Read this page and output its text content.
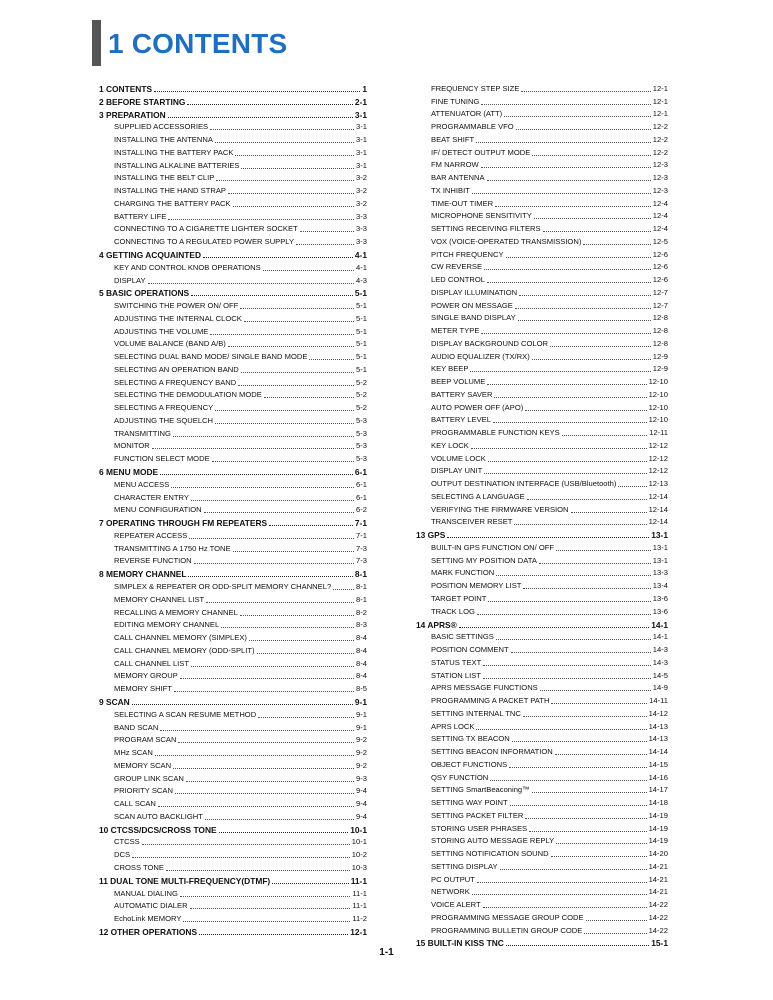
1 CONTENTS
1 CONTENTS	1
2 BEFORE STARTING	2-1
3 PREPARATION	3-1
SUPPLIED ACCESSORIES	3-1
INSTALLING THE ANTENNA	3-1
INSTALLING THE BATTERY PACK	3-1
INSTALLING ALKALINE BATTERIES	3-1
INSTALLING THE BELT CLIP	3-2
INSTALLING THE HAND STRAP	3-2
CHARGING THE BATTERY PACK	3-2
BATTERY LIFE	3-3
CONNECTING TO A CIGARETTE LIGHTER SOCKET	3-3
CONNECTING TO A REGULATED POWER SUPPLY	3-3
4 GETTING ACQUAINTED	4-1
KEY AND CONTROL KNOB OPERATIONS	4-1
DISPLAY	4-3
5 BASIC OPERATIONS	5-1
SWITCHING THE POWER ON/ OFF	5-1
ADJUSTING THE INTERNAL CLOCK	5-1
ADJUSTING THE VOLUME	5-1
VOLUME BALANCE (BAND A/B)	5-1
SELECTING DUAL BAND MODE/ SINGLE BAND MODE	5-1
SELECTING AN OPERATION BAND	5-1
SELECTING A FREQUENCY BAND	5-2
SELECTING THE DEMODULATION MODE	5-2
SELECTING A FREQUENCY	5-2
ADJUSTING THE SQUELCH	5-3
TRANSMITTING	5-3
MONITOR	5-3
FUNCTION SELECT MODE	5-3
6 MENU MODE	6-1
MENU ACCESS	6-1
CHARACTER ENTRY	6-1
MENU CONFIGURATION	6-2
7 OPERATING THROUGH FM REPEATERS	7-1
REPEATER ACCESS	7-1
TRANSMITTING A 1750 Hz TONE	7-3
REVERSE FUNCTION	7-3
8 MEMORY CHANNEL	8-1
SIMPLEX & REPEATER OR ODD-SPLIT MEMORY CHANNEL?	8-1
MEMORY CHANNEL LIST	8-1
RECALLING A MEMORY CHANNEL	8-2
EDITING MEMORY CHANNEL	8-3
CALL CHANNEL MEMORY (SIMPLEX)	8-4
CALL CHANNEL MEMORY (ODD-SPLIT)	8-4
CALL CHANNEL LIST	8-4
MEMORY GROUP	8-4
MEMORY SHIFT	8-5
9 SCAN	9-1
SELECTING A SCAN RESUME METHOD	9-1
BAND SCAN	9-1
PROGRAM SCAN	9-2
MHz SCAN	9-2
MEMORY SCAN	9-2
GROUP LINK SCAN	9-3
PRIORITY SCAN	9-4
CALL SCAN	9-4
SCAN AUTO BACKLIGHT	9-4
10 CTCSS/DCS/CROSS TONE	10-1
CTCSS	10-1
DCS	10-2
CROSS TONE	10-3
11 DUAL TONE MULTI-FREQUENCY(DTMF)	11-1
MANUAL DIALING	11-1
AUTOMATIC DIALER	11-1
EchoLink MEMORY	11-2
12 OTHER OPERATIONS	12-1
FREQUENCY STEP SIZE	12-1
FINE TUNING	12-1
ATTENUATOR (ATT)	12-1
PROGRAMMABLE VFO	12-2
BEAT SHIFT	12-2
IF/ DETECT OUTPUT MODE	12-2
FM NARROW	12-3
BAR ANTENNA	12-3
TX INHIBIT	12-3
TIME-OUT TIMER	12-4
MICROPHONE SENSITIVITY	12-4
SETTING RECEIVING FILTERS	12-4
VOX (VOICE-OPERATED TRANSMISSION)	12-5
PITCH FREQUENCY	12-6
CW REVERSE	12-6
LED CONTROL	12-6
DISPLAY ILLUMINATION	12-7
POWER ON MESSAGE	12-7
SINGLE BAND DISPLAY	12-8
METER TYPE	12-8
DISPLAY BACKGROUND COLOR	12-8
AUDIO EQUALIZER (TX/RX)	12-9
KEY BEEP	12-9
BEEP VOLUME	12-10
BATTERY SAVER	12-10
AUTO POWER OFF (APO)	12-10
BATTERY LEVEL	12-10
PROGRAMMABLE FUNCTION KEYS	12-11
KEY LOCK	12-12
VOLUME LOCK	12-12
DISPLAY UNIT	12-12
OUTPUT DESTINATION INTERFACE (USB/Bluetooth)	12-13
SELECTING A LANGUAGE	12-14
VERIFYING THE FIRMWARE VERSION	12-14
TRANSCEIVER RESET	12-14
13 GPS	13-1
BUILT-IN GPS FUNCTION ON/ OFF	13-1
SETTING MY POSITION DATA	13-1
MARK FUNCTION	13-3
POSITION MEMORY LIST	13-4
TARGET POINT	13-6
TRACK LOG	13-6
14 APRS®	14-1
BASIC SETTINGS	14-1
POSITION COMMENT	14-3
STATUS TEXT	14-3
STATION LIST	14-5
APRS MESSAGE FUNCTIONS	14-9
PROGRAMMING A PACKET PATH	14-11
SETTING INTERNAL TNC	14-12
APRS LOCK	14-13
SETTING TX BEACON	14-13
SETTING BEACON INFORMATION	14-14
OBJECT FUNCTIONS	14-15
QSY FUNCTION	14-16
SETTING SmartBeaconing™	14-17
SETTING WAY POINT	14-18
SETTING PACKET FILTER	14-19
STORING USER PHRASES	14-19
STORING AUTO MESSAGE REPLY	14-19
SETTING NOTIFICATION SOUND	14-20
SETTING DISPLAY	14-21
PC OUTPUT	14-21
NETWORK	14-21
VOICE ALERT	14-22
PROGRAMMING MESSAGE GROUP CODE	14-22
PROGRAMMING BULLETIN GROUP CODE	14-22
15 BUILT-IN KISS TNC	15-1
1-1
